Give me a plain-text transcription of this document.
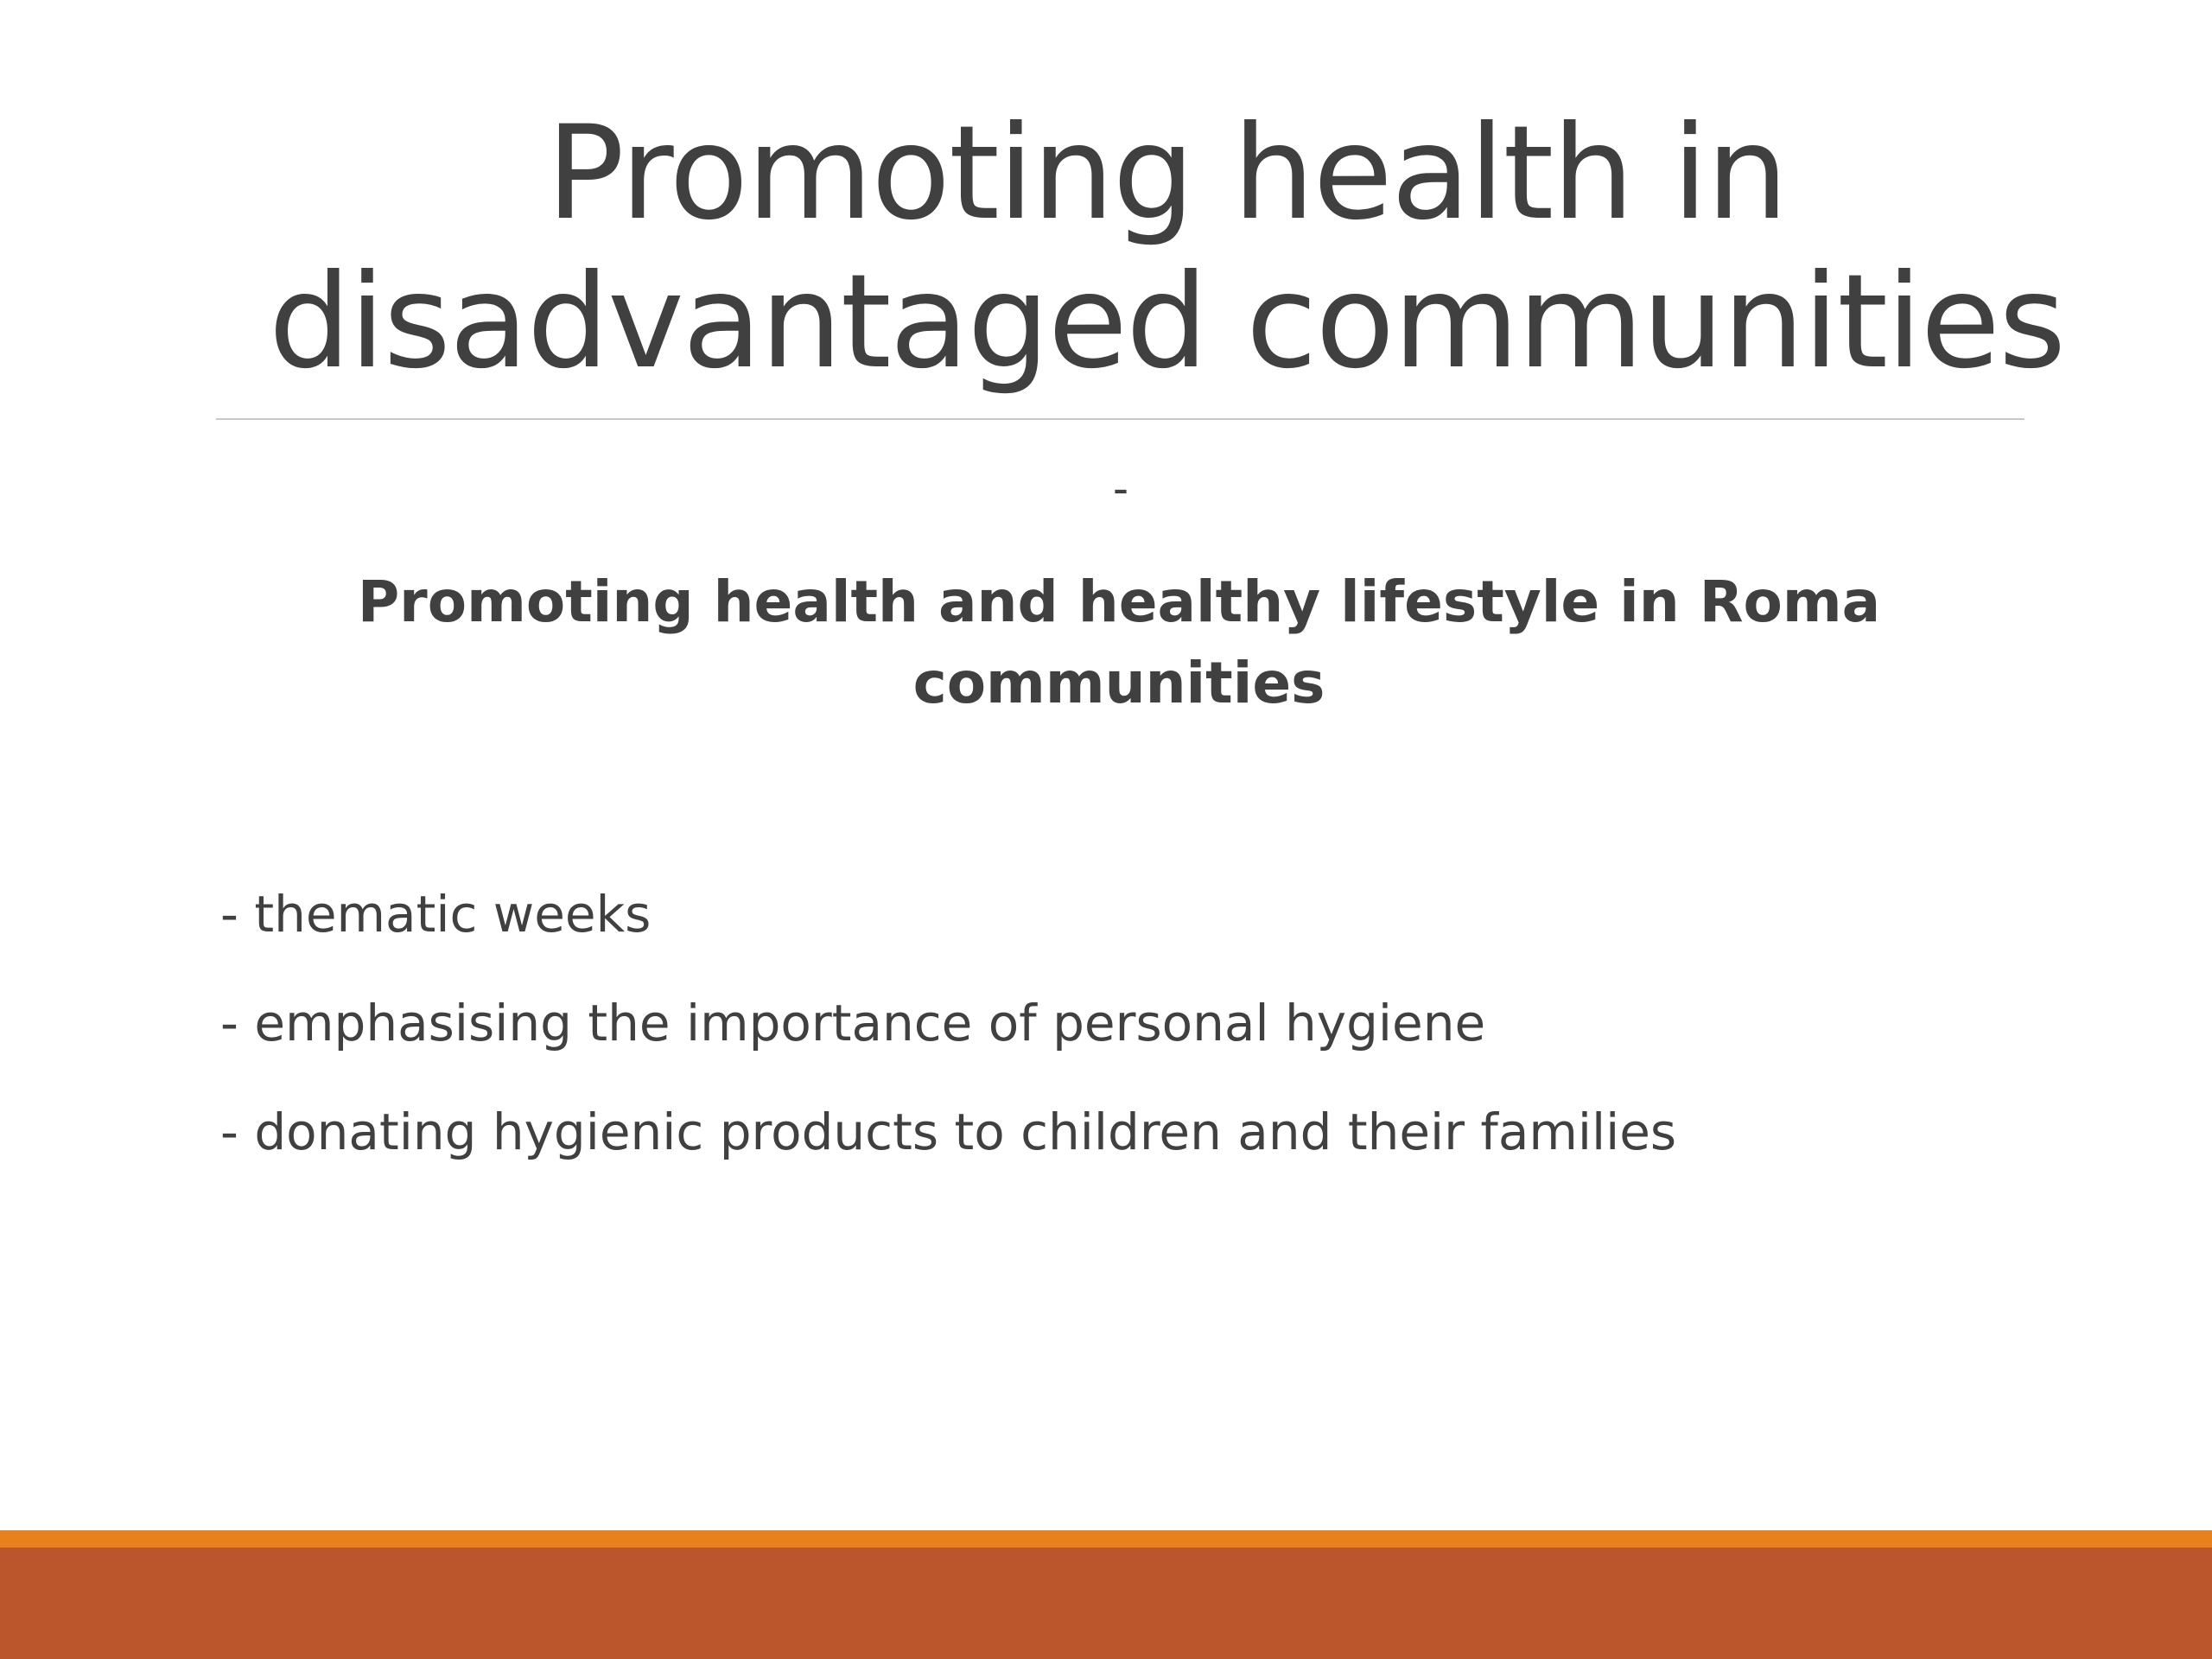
Promoting health in
disadvantaged communities
-
Promoting health and healthy lifestyle in Roma
communities
- thematic weeks
- emphasising the importance of personal hygiene
- donating hygienic products to children and their families
